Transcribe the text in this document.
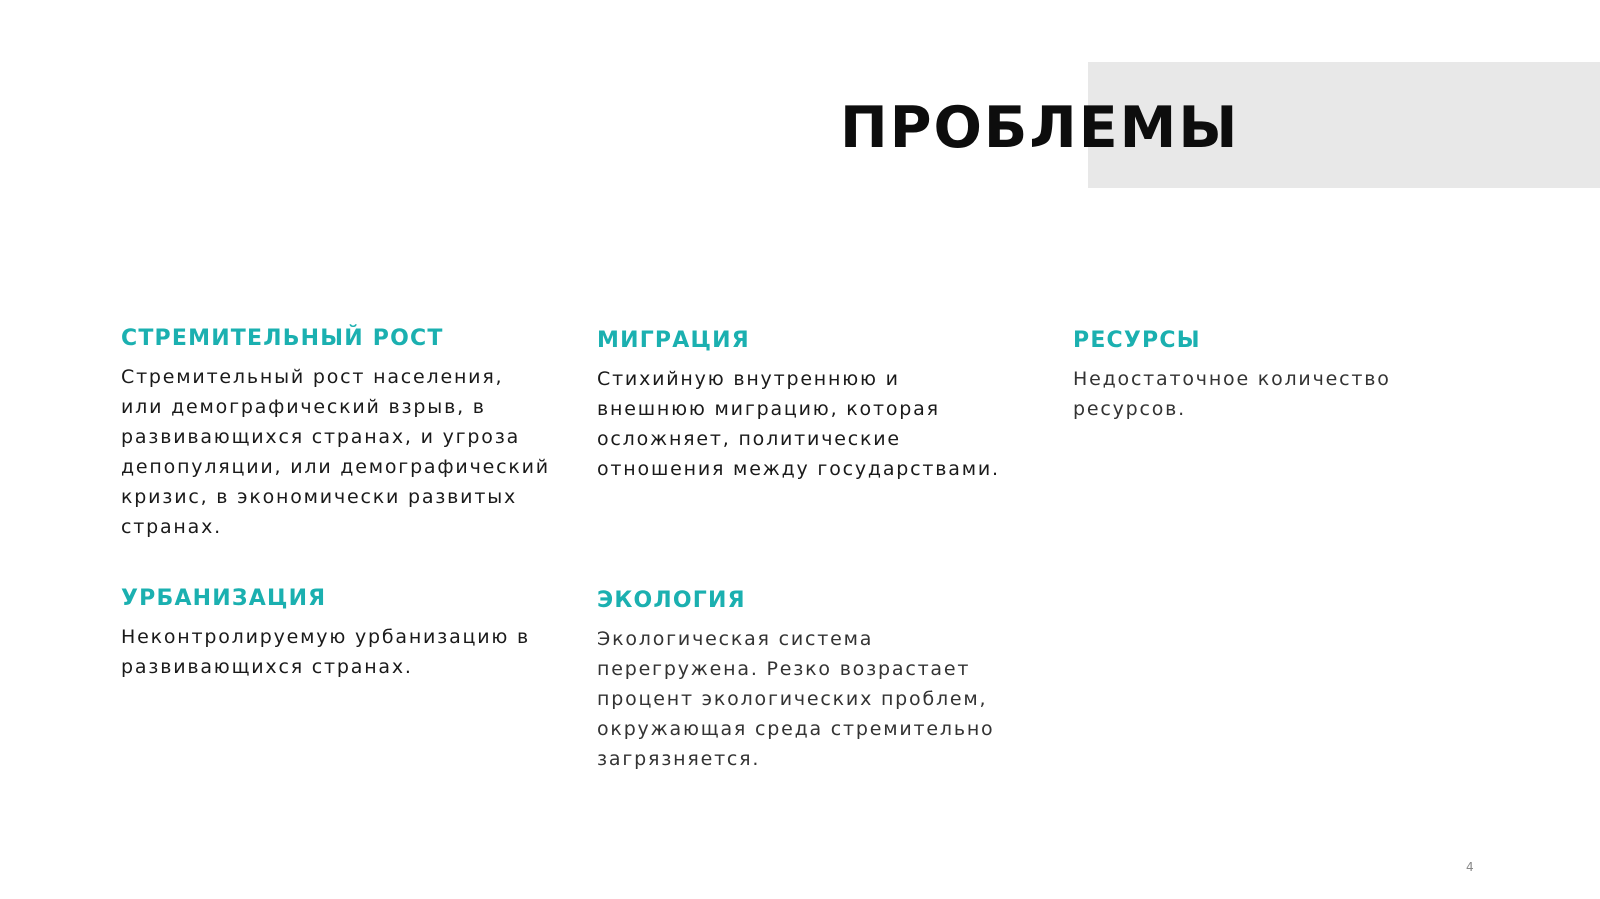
ПРОБЛЕМЫ
СТРЕМИТЕЛЬНЫЙ РОСТ

Стремительный рост населения, или демографический взрыв, в развивающихся странах, и угроза депопуляции, или демографический кризис, в экономически развитых странах.

МИГРАЦИЯ

Стихийную внутреннюю и внешнюю миграцию, которая осложняет, политические отношения между государствами.

РЕСУРСЫ

Недостаточное количество ресурсов.

УРБАНИЗАЦИЯ

Неконтролируемую урбанизацию в развивающихся странах.

ЭКОЛОГИЯ

Экологическая система перегружена. Резко возрастает процент экологических проблем, окружающая среда стремительно загрязняется.

4
